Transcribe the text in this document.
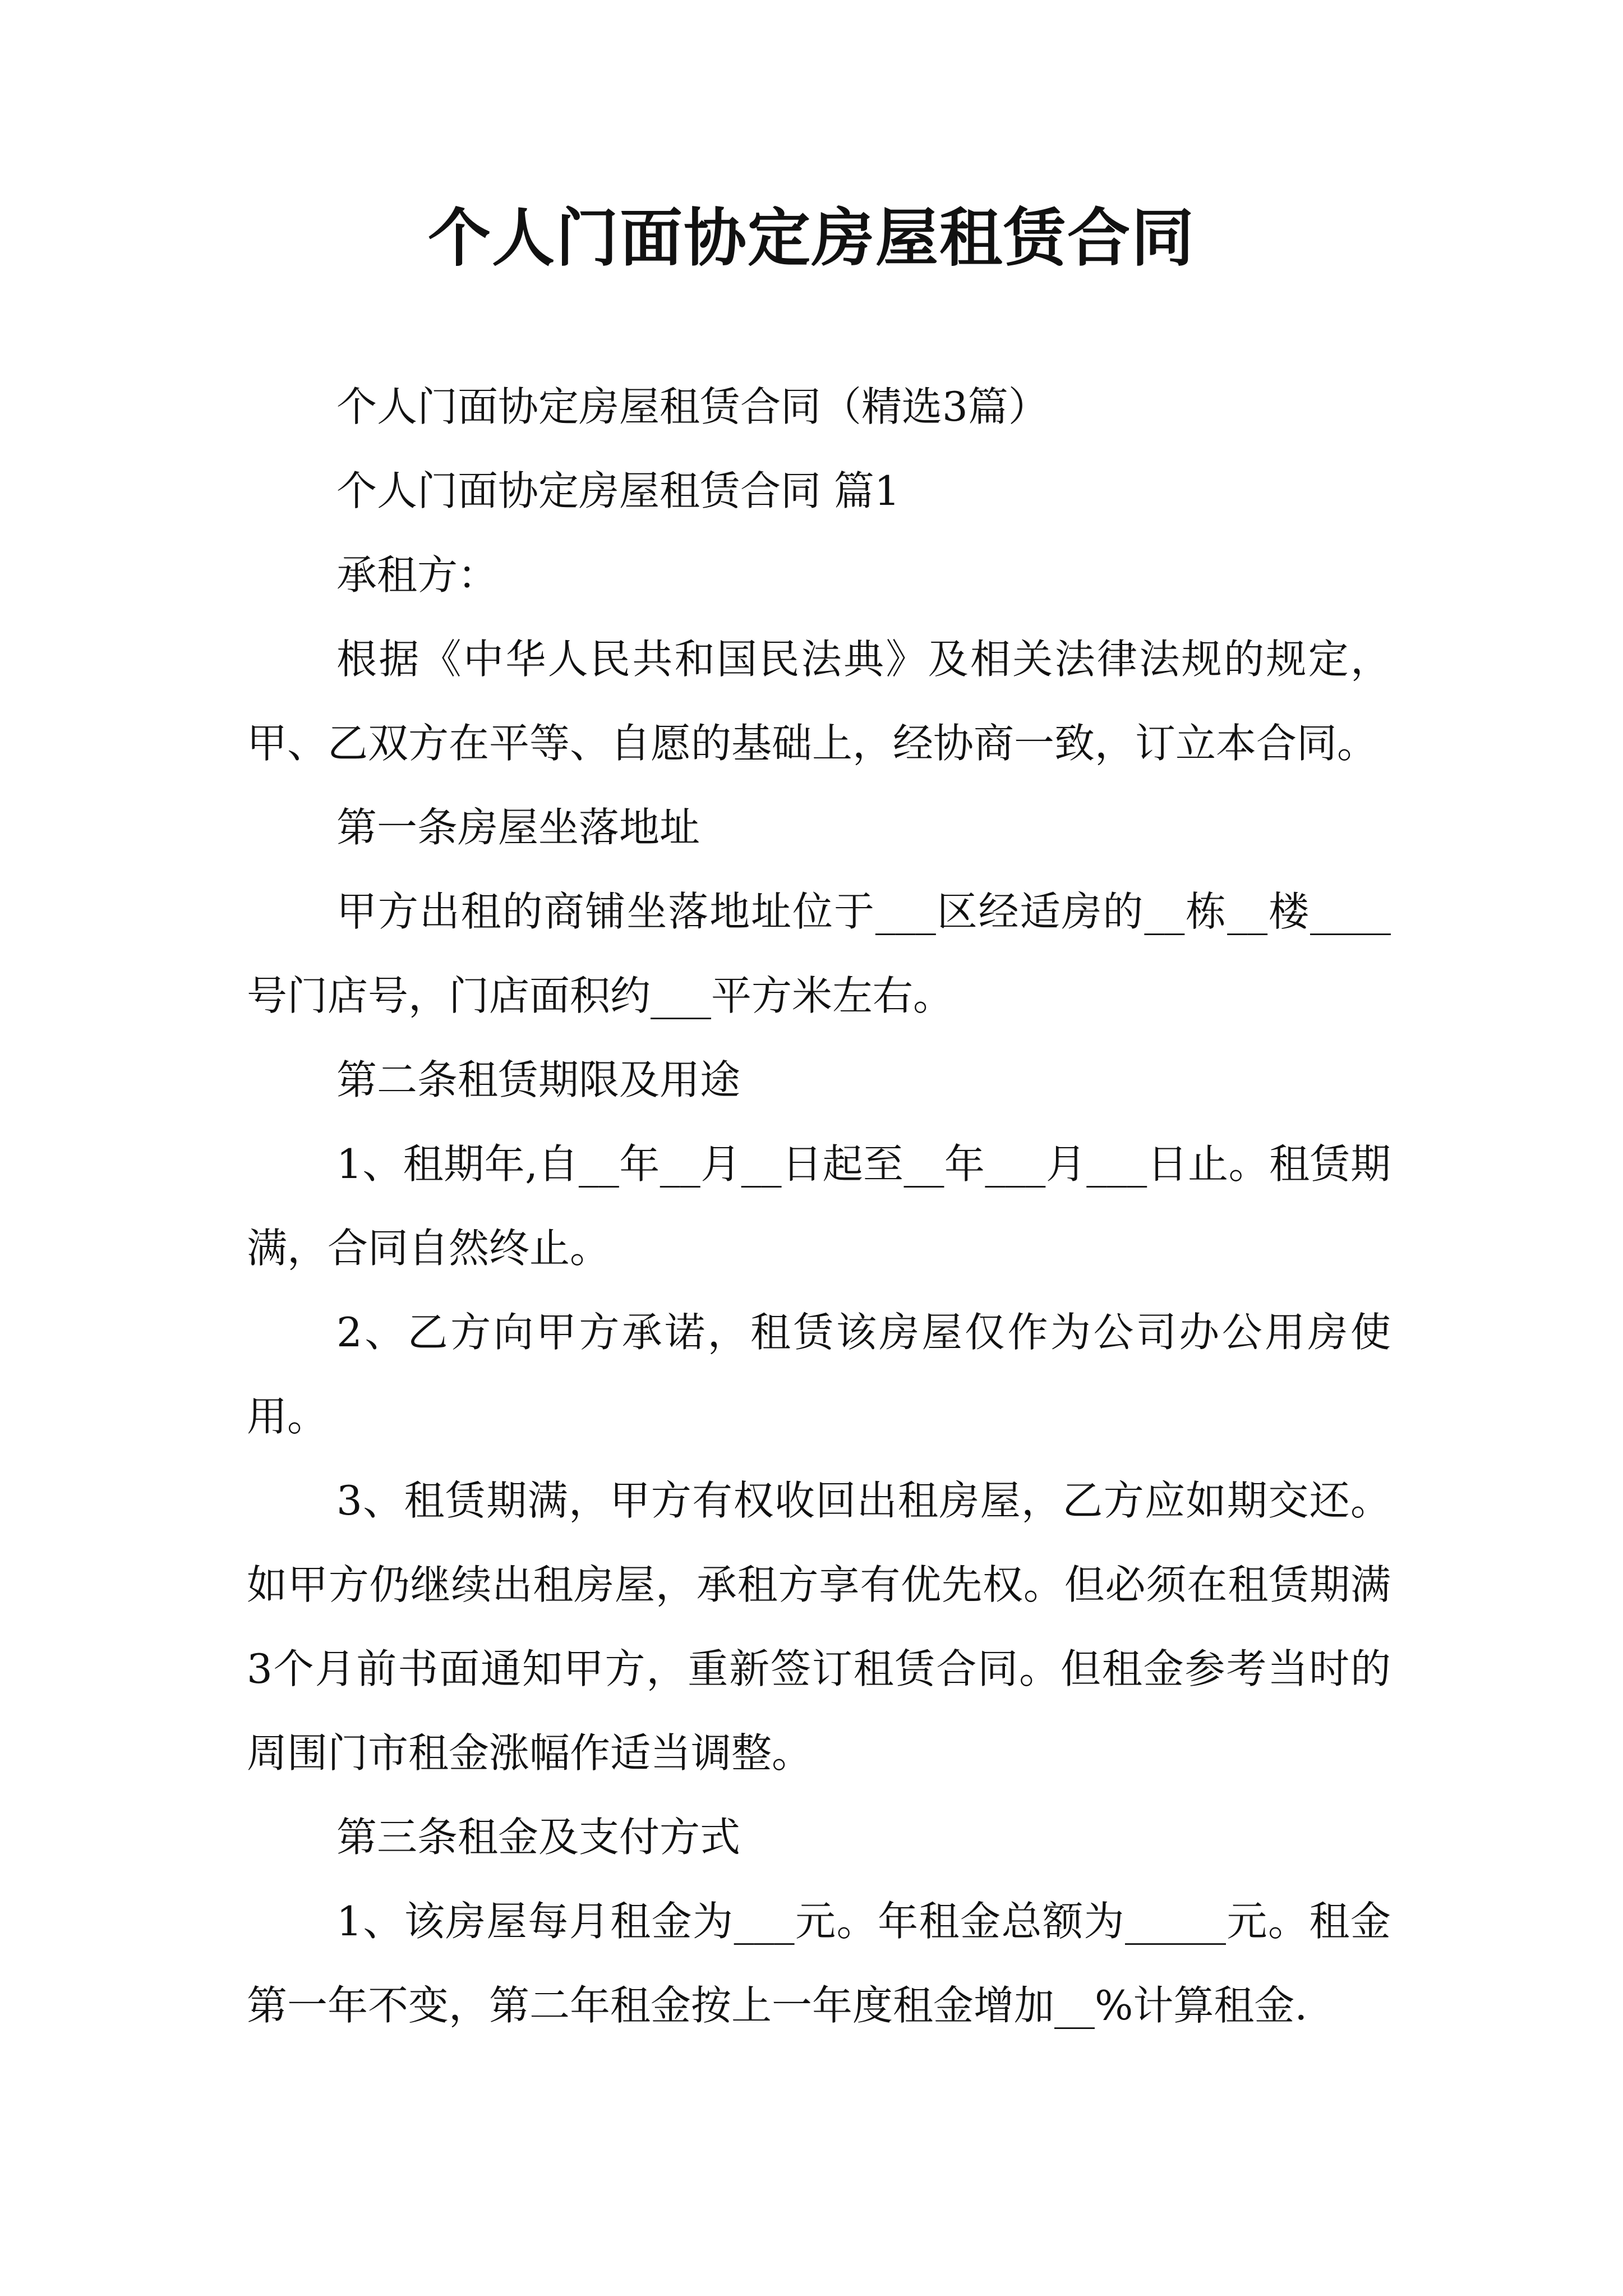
个人门面协定房屋租赁合同

个人门面协定房屋租赁合同（精选3篇）

个人门面协定房屋租赁合同 篇1

承租方：

根据《中华人民共和国民法典》及相关法律法规的规定，甲、乙双方在平等、自愿的基础上，经协商一致，订立本合同。

第一条房屋坐落地址

甲方出租的商铺坐落地址位于___区经适房的__栋__楼____号门店号，门店面积约___平方米左右。

第二条租赁期限及用途

1、租期年,自__年__月__日起至__年___月___日止。租赁期满，合同自然终止。

2、乙方向甲方承诺，租赁该房屋仅作为公司办公用房使用。

3、租赁期满，甲方有权收回出租房屋，乙方应如期交还。如甲方仍继续出租房屋，承租方享有优先权。但必须在租赁期满3个月前书面通知甲方，重新签订租赁合同。但租金参考当时的周围门市租金涨幅作适当调整。

第三条租金及支付方式

1、该房屋每月租金为___元。年租金总额为_____元。租金第一年不变，第二年租金按上一年度租金增加__%计算租金.
